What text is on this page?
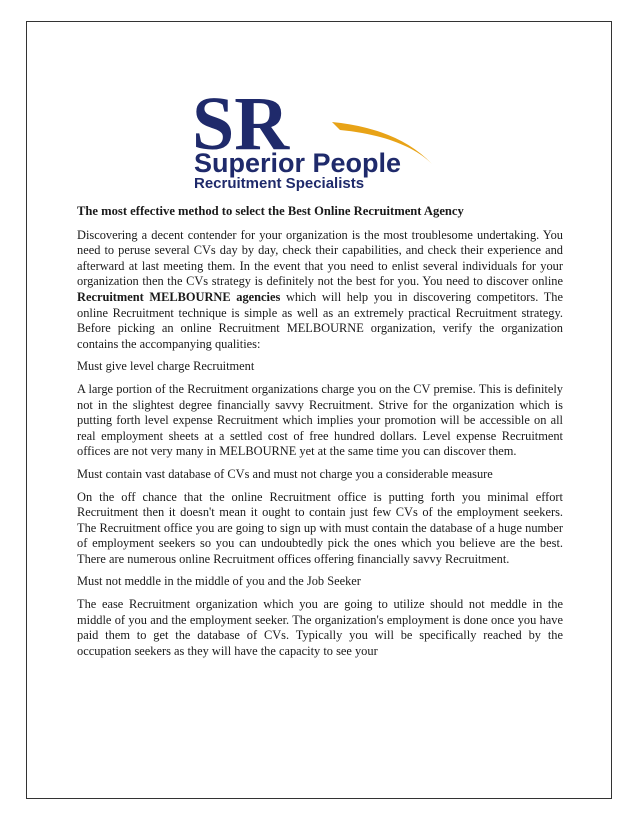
SR
Superior People
Recruitment Specialists
The most effective method to select the Best Online Recruitment Agency

Discovering a decent contender for your organization is the most troublesome undertaking. You need to peruse several CVs day by day, check their capabilities, and check their experience and afterward at last meeting them. In the event that you need to enlist several individuals for your organization then the CVs strategy is definitely not the best for you. You need to discover online Recruitment MELBOURNE agencies which will help you in discovering competitors. The online Recruitment technique is simple as well as an extremely practical Recruitment strategy. Before picking an online Recruitment MELBOURNE organization, verify the organization contains the accompanying qualities:

Must give level charge Recruitment

A large portion of the Recruitment organizations charge you on the CV premise. This is definitely not in the slightest degree financially savvy Recruitment. Strive for the organization which is putting forth level expense Recruitment which implies your promotion will be accessible on all real employment sheets at a settled cost of free hundred dollars. Level expense Recruitment offices are not very many in MELBOURNE yet at the same time you can discover them.

Must contain vast database of CVs and must not charge you a considerable measure

On the off chance that the online Recruitment office is putting forth you minimal effort Recruitment then it doesn't mean it ought to contain just few CVs of the employment seekers. The Recruitment office you are going to sign up with must contain the database of a huge number of employment seekers so you can undoubtedly pick the ones which you believe are the best. There are numerous online Recruitment offices offering financially savvy Recruitment.

Must not meddle in the middle of you and the Job Seeker

The ease Recruitment organization which you are going to utilize should not meddle in the middle of you and the employment seeker. The organization's employment is done once you have paid them to get the database of CVs. Typically you will be specifically reached by the occupation seekers as they will have the capacity to see your
